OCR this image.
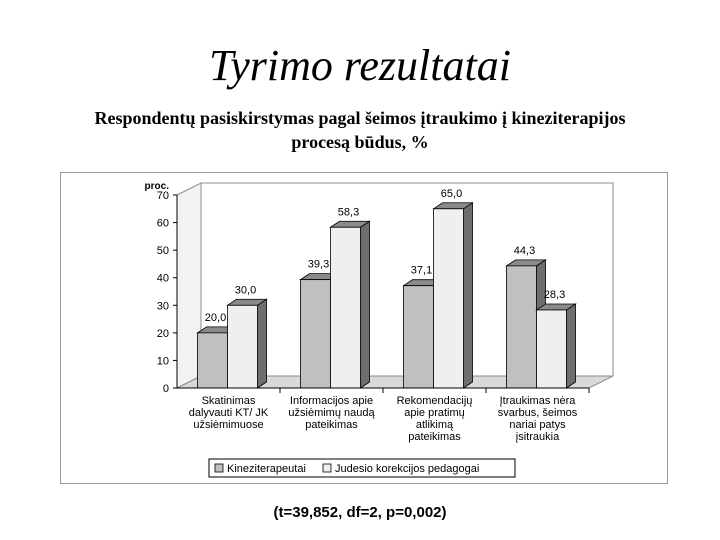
Tyrimo rezultatai
Respondentų pasiskirstymas pagal šeimos įtraukimo į kineziterapijos
procesą būdus, %
0
10
20
30
40
50
60
70
proc.
20,0
30,0
Skatinimas
dalyvauti KT/ JK
užsiėmimuose
39,3
58,3
Informacijos apie
užsiėmimų naudą
pateikimas
37,1
65,0
Rekomendacijų
apie pratimų
atlikimą
pateikimas
44,3
28,3
Įtraukimas nėra
svarbus, šeimos
nariai patys
įsitraukia
Kineziterapeutai	Judesio korekcijos pedagogai
(t=39,852, df=2, p=0,002)
